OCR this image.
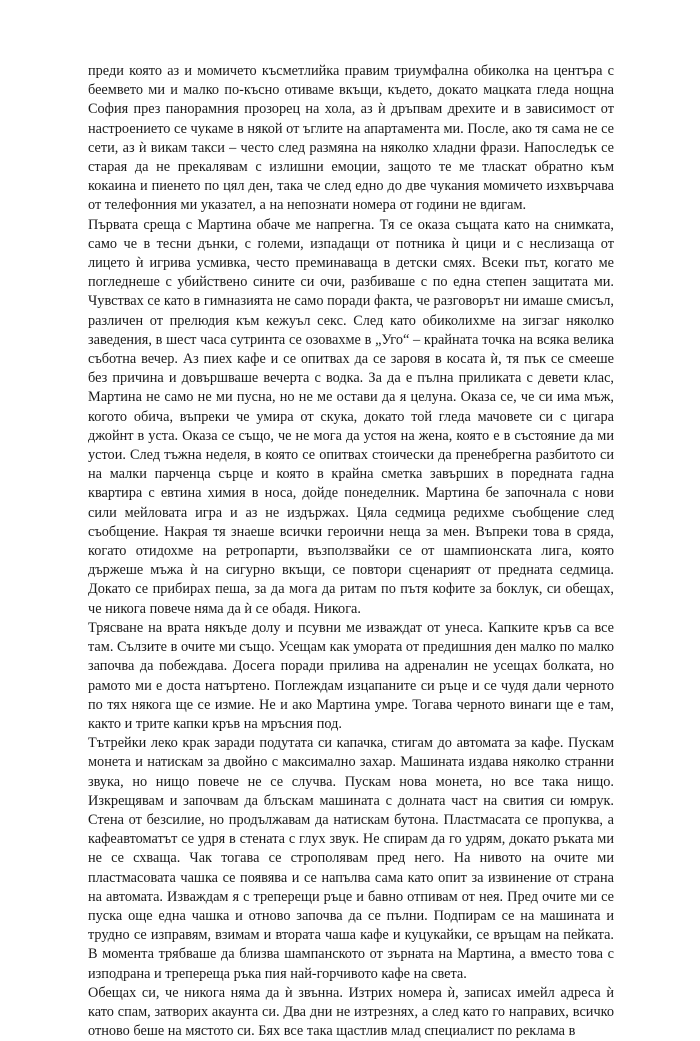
преди която аз и момичето късметлийка правим триумфална обиколка на центъра с беемвето ми и малко по-късно отиваме вкъщи, където, докато мацката гледа нощна София през панорамния прозорец на хола, аз ѝ дръпвам дрехите и в зависимост от настроението се чукаме в някой от ъглите на апартамента ми. После, ако тя сама не се сети, аз ѝ викам такси – често след размяна на няколко хладни фрази. Напоследък се старая да не прекалявам с излишни емоции, защото те ме тласкат обратно към кокаина и пиенето по цял ден, така че след едно до две чукания момичето изхвърчава от телефонния ми указател, а на непознати номера от години не вдигам.

Първата среща с Мартина обаче ме напрегна. Тя се оказа същата като на снимката, само че в тесни дънки, с големи, изпадащи от потника ѝ цици и с неслизаща от лицето ѝ игрива усмивка, често преминаваща в детски смях. Всеки път, когато ме погледнеше с убийствено сините си очи, разбиваше с по една степен защитата ми. Чувствах се като в гимназията не само поради факта, че разговорът ни имаше смисъл, различен от прелюдия към кежуъл секс. След като обиколихме на зигзаг няколко заведения, в шест часа сутринта се озовахме в „Уго“ – крайната точка на всяка велика съботна вечер. Аз пиех кафе и се опитвах да се заровя в косата ѝ, тя пък се смееше без причина и довършваше вечерта с водка. За да е пълна приликата с девети клас, Мартина не само не ми пусна, но не ме остави да я целуна. Оказа се, че си има мъж, когото обича, въпреки че умира от скука, докато той гледа мачовете си с цигара джойнт в уста. Оказа се също, че не мога да устоя на жена, която е в състояние да ми устои. След тъжна неделя, в която се опитвах стоически да пренебрегна разбитото си на малки парченца сърце и която в крайна сметка завърших в поредната гадна квартира с евтина химия в носа, дойде понеделник. Мартина бе започнала с нови сили мейловата игра и аз не издържах. Цяла седмица редихме съобщение след съобщение. Накрая тя знаеше всички героични неща за мен. Въпреки това в сряда, когато отидохме на ретропарти, възползвайки се от шампионската лига, която държеше мъжа ѝ на сигурно вкъщи, се повтори сценарият от предната седмица. Докато се прибирах пеша, за да мога да ритам по пътя кофите за боклук, си обещах, че никога повече няма да ѝ се обадя. Никога.

Трясване на врата някъде долу и псувни ме изваждат от унеса. Капките кръв са все там. Сълзите в очите ми също. Усещам как умората от предишния ден малко по малко започва да побеждава. Досега поради прилива на адреналин не усещах болката, но рамото ми е доста натъртено. Поглеждам изцапаните си ръце и се чудя дали черното по тях някога ще се измие. Не и ако Мартина умре. Тогава черното винаги ще е там, както и трите капки кръв на мръсния под.

Тътрейки леко крак заради подутата си капачка, стигам до автомата за кафе. Пускам монета и натискам за двойно с максимално захар. Машината издава няколко странни звука, но нищо повече не се случва. Пускам нова монета, но все така нищо. Изкрещявам и започвам да блъскам машината с долната част на свития си юмрук. Стена от безсилие, но продължавам да натискам бутона. Пластмасата се пропуква, а кафеавтоматът се удря в стената с глух звук. Не спирам да го удрям, докато ръката ми не се схваща. Чак тогава се строполявам пред него. На нивото на очите ми пластмасовата чашка се появява и се напълва сама като опит за извинение от страна на автомата. Изваждам я с треперещи ръце и бавно отпивам от нея. Пред очите ми се пуска още една чашка и отново започва да се пълни. Подпирам се на машината и трудно се изправям, взимам и втората чаша кафе и куцукайки, се връщам на пейката. В момента трябваше да близва шампанското от зърната на Мартина, а вместо това с изподрана и трепереща ръка пия най-горчивото кафе на света.

Обещах си, че никога няма да ѝ звънна. Изтрих номера ѝ, записах имейл адреса ѝ като спам, затворих акаунта си. Два дни не изтрезнях, а след като го направих, всичко отново беше на мястото си. Бях все така щастлив млад специалист по реклама в
